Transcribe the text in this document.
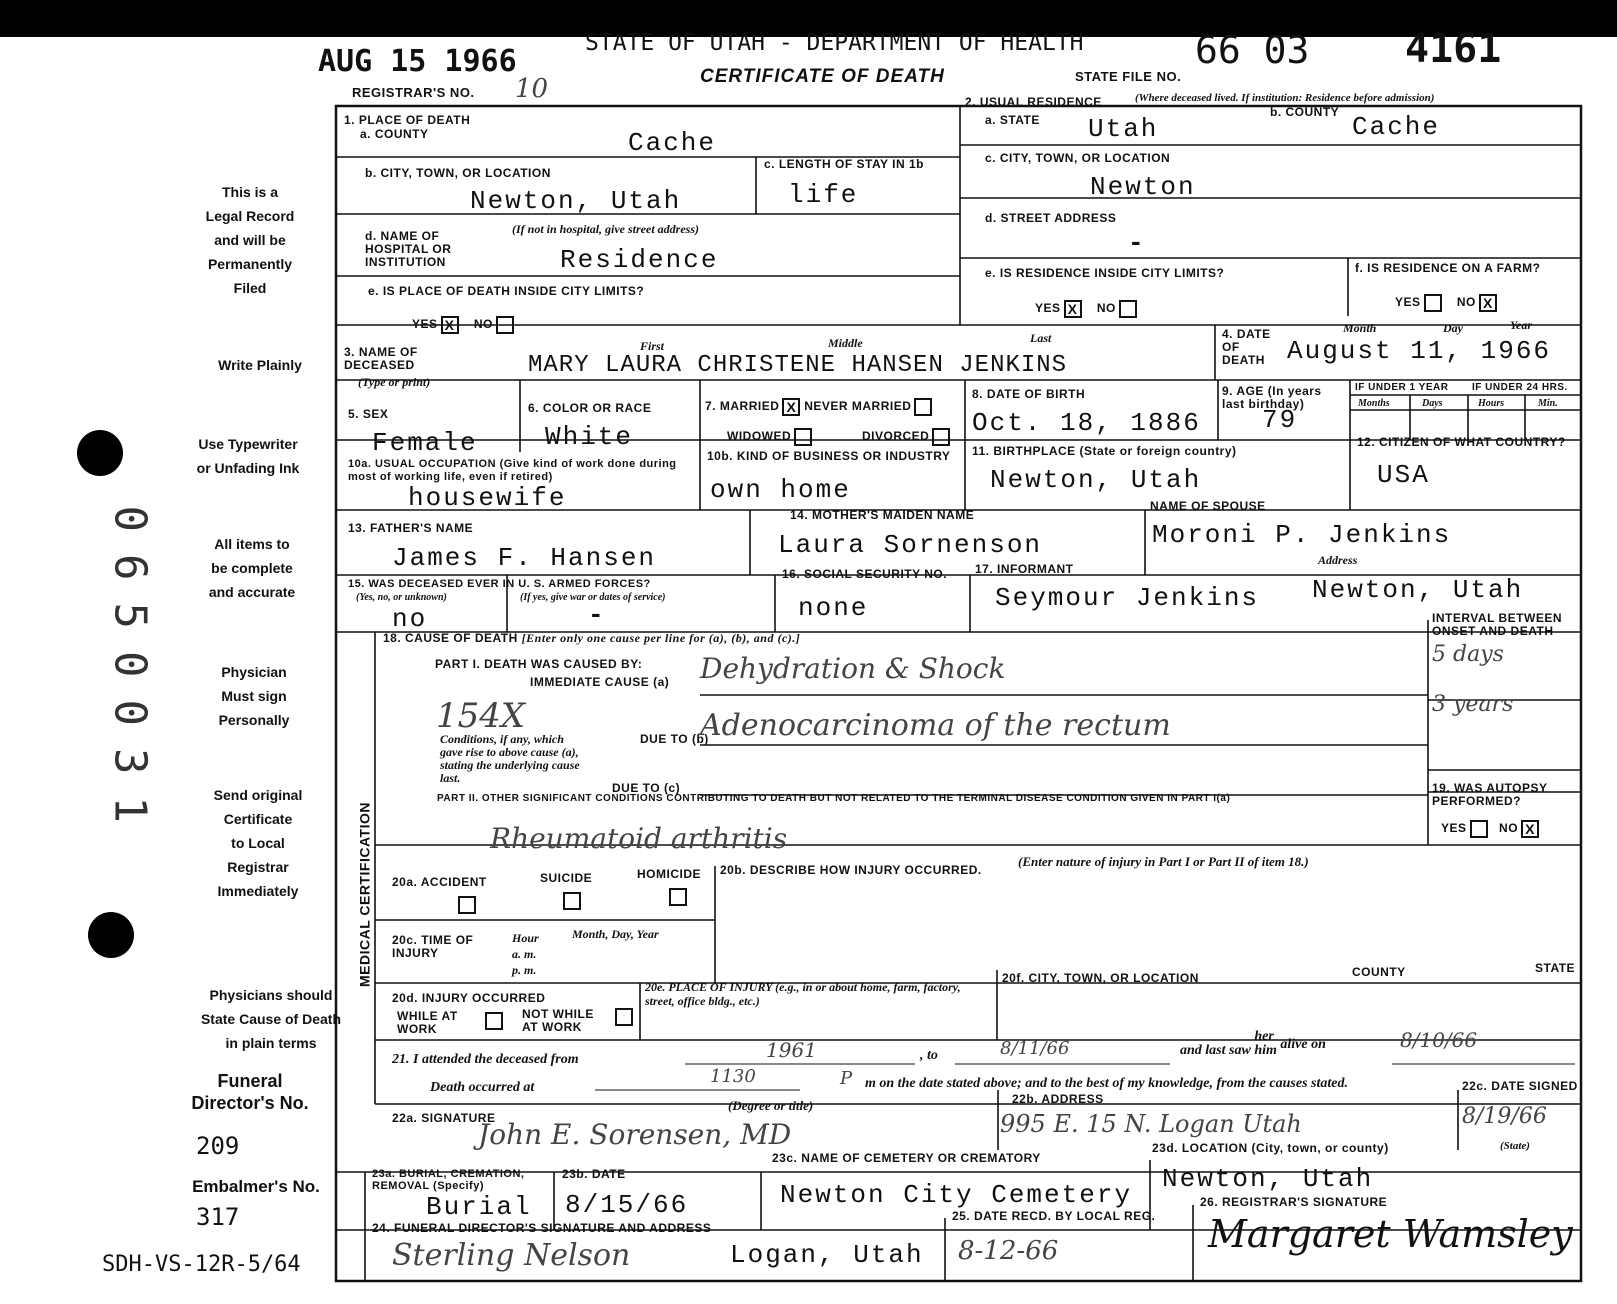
0650031
AUG 15 1966
STATE OF UTAH - DEPARTMENT OF HEALTH
CERTIFICATE OF DEATH
66 03 4161
REGISTRAR'S NO. 10	STATE FILE NO.
This is a
Legal Record
and will be
Permanently
Filed
Write Plainly
Use Typewriter
or Unfading Ink
All items to
be complete
and accurate
Physician
Must sign
Personally
Send original
Certificate
to Local
Registrar
Immediately
Physicians should
State Cause of Death
in plain terms
Funeral
Director's No.
209
Embalmer's No.
317
SDH-VS-12R-5/64
MEDICAL CERTIFICATION
1. PLACE OF DEATH
a. COUNTY	Cache
b. CITY, TOWN, OR LOCATION
Newton, Utah
c. LENGTH OF STAY IN 1b
life
d. NAME OF HOSPITAL OR INSTITUTION
(If not in hospital, give street address)
Residence
e. IS PLACE OF DEATH INSIDE CITY LIMITS?
YES X NO
2. USUAL RESIDENCE	(Where deceased lived. If institution: Residence before admission)
a. STATE Utah
b. COUNTY Cache
c. CITY, TOWN, OR LOCATION
Newton
d. STREET ADDRESS
-
e. IS RESIDENCE INSIDE CITY LIMITS?
YES X NO
f. IS RESIDENCE ON A FARM?
YES	NO X
3. NAME OF DECEASED
(Type or print)
First	Middle	Last
MARY LAURA CHRISTENE HANSEN JENKINS
4. DATE OF DEATH
Month	Day	Year
August 11, 1966
5. SEX
Female
6. COLOR OR RACE
White
7. MARRIED X NEVER MARRIED
WIDOWED	DIVORCED
8. DATE OF BIRTH
Oct. 18, 1886
9. AGE (In years last birthday)
79
IF UNDER 1 YEAR IF UNDER 24 HRS.
Months	Days	Hours	Min.
10a. USUAL OCCUPATION (Give kind of work done during most of working life, even if retired)
housewife
10b. KIND OF BUSINESS OR INDUSTRY
own home
11. BIRTHPLACE (State or foreign country)
Newton, Utah
12. CITIZEN OF WHAT COUNTRY?
USA
13. FATHER'S NAME
James F. Hansen
14. MOTHER'S MAIDEN NAME
Laura Sornenson
NAME OF SPOUSE
Moroni P. Jenkins
15. WAS DECEASED EVER IN U. S. ARMED FORCES?
(Yes, no, or unknown)	(If yes, give war or dates of service)
no	-
16. SOCIAL SECURITY NO.
none
17. INFORMANT
Address
Seymour Jenkins Newton, Utah
18. CAUSE OF DEATH [Enter only one cause per line for (a), (b), and (c).]
PART I. DEATH WAS CAUSED BY:
IMMEDIATE CAUSE (a) Dehydration & Shock
154X
Conditions, if any, which gave rise to above cause (a), stating the underlying cause last.
DUE TO (b)
Adenocarcinoma of the rectum
DUE TO (c)
INTERVAL BETWEEN ONSET AND DEATH
5 days
3 years
PART II. OTHER SIGNIFICANT CONDITIONS CONTRIBUTING TO DEATH BUT NOT RELATED TO THE TERMINAL DISEASE CONDITION GIVEN IN PART I(a)
Rheumatoid arthritis
19. WAS AUTOPSY PERFORMED?
YES	NO X
20a. ACCIDENT	SUICIDE	HOMICIDE 20b. DESCRIBE HOW INJURY OCCURRED.
(Enter nature of injury in Part I or Part II of item 18.)
20c. TIME OF INJURY
Hour
a. m.
p. m.
Month, Day, Year
20d. INJURY OCCURRED
WHILE AT WORK
NOT WHILE AT WORK
20e. PLACE OF INJURY (e.g., in or about home, farm, factory, street, office bldg., etc.)
20f. CITY, TOWN, OR LOCATION	COUNTY	STATE
21. I attended the deceased from	1961	, to	8/11/66	and last saw
her
him alive on	8/10/66
Death occurred at
1130	P m on the date stated above; and to the best of my knowledge, from the causes stated.
22a. SIGNATURE
(Degree or title)
John E. Sorensen, MD
22b. ADDRESS
995 E. 15 N. Logan Utah
22c. DATE SIGNED
8/19/66
(State)
23a. BURIAL, CREMATION, REMOVAL (Specify)
Burial
23b. DATE
8/15/66
23c. NAME OF CEMETERY OR CREMATORY
Newton City Cemetery
23d. LOCATION (City, town, or county)
Newton, Utah
24. FUNERAL DIRECTOR'S SIGNATURE AND ADDRESS
Sterling Nelson	Logan, Utah
25. DATE RECD. BY LOCAL REG.
8-12-66
26. REGISTRAR'S SIGNATURE
Margaret Wamsley
